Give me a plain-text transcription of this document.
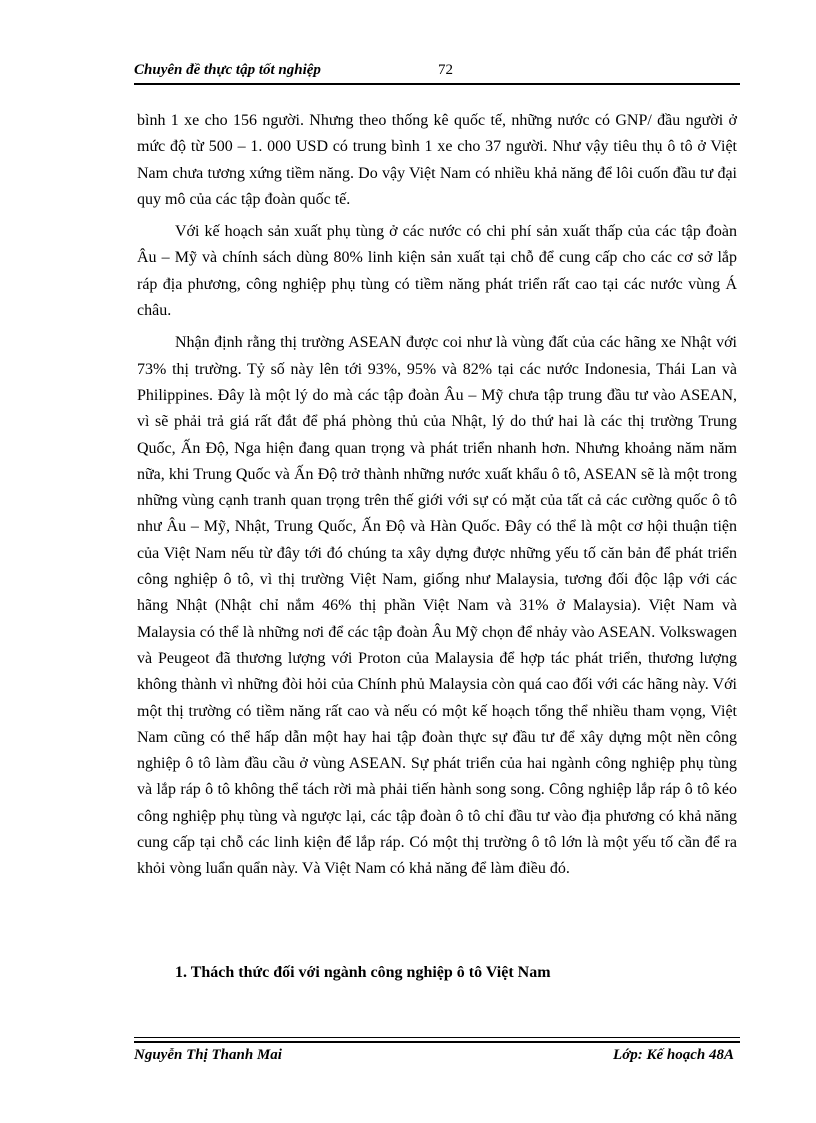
Chuyên đề thực tập tốt nghiệp	72

bình 1 xe cho 156 người. Nhưng theo thống kê quốc tế, những nước có GNP/ đầu người ở mức độ từ 500 – 1. 000 USD có trung bình 1 xe cho 37 người. Như vậy tiêu thụ ô tô ở Việt Nam chưa tương xứng tiềm năng. Do vậy Việt Nam có nhiều khả năng để lôi cuốn đầu tư đại quy mô của các tập đoàn quốc tế.

Với kế hoạch sản xuất phụ tùng ở các nước có chi phí sản xuất thấp của các tập đoàn Âu – Mỹ và chính sách dùng 80% linh kiện sản xuất tại chỗ để cung cấp cho các cơ sở lắp ráp địa phương, công nghiệp phụ tùng có tiềm năng phát triển rất cao tại các nước vùng Á châu.

Nhận định rằng thị trường ASEAN được coi như là vùng đất của các hãng xe Nhật với 73% thị trường. Tỷ số này lên tới 93%, 95% và 82% tại các nước Indonesia, Thái Lan và Philippines. Đây là một lý do mà các tập đoàn Âu – Mỹ chưa tập trung đầu tư vào ASEAN, vì sẽ phải trả giá rất đắt để phá phòng thủ của Nhật, lý do thứ hai là các thị trường Trung Quốc, Ấn Độ, Nga hiện đang quan trọng và phát triển nhanh hơn. Nhưng khoảng năm năm nữa, khi Trung Quốc và Ấn Độ trở thành những nước xuất khẩu ô tô, ASEAN sẽ là một trong những vùng cạnh tranh quan trọng trên thế giới với sự có mặt của tất cả các cường quốc ô tô như Âu – Mỹ, Nhật, Trung Quốc, Ấn Độ và Hàn Quốc. Đây có thể là một cơ hội thuận tiện của Việt Nam nếu từ đây tới đó chúng ta xây dựng được những yếu tố căn bản để phát triển công nghiệp ô tô, vì thị trường Việt Nam, giống như Malaysia, tương đối độc lập với các hãng Nhật (Nhật chỉ nắm 46% thị phần Việt Nam và 31% ở Malaysia). Việt Nam và Malaysia có thể là những nơi để các tập đoàn Âu Mỹ chọn để nhảy vào ASEAN. Volkswagen và Peugeot đã thương lượng với Proton của Malaysia để hợp tác phát triển, thương lượng không thành vì những đòi hỏi của Chính phủ Malaysia còn quá cao đối với các hãng này. Với một thị trường có tiềm năng rất cao và nếu có một kế hoạch tổng thể nhiều tham vọng, Việt Nam cũng có thể hấp dẫn một hay hai tập đoàn thực sự đầu tư để xây dựng một nền công nghiệp ô tô làm đầu cầu ở vùng ASEAN. Sự phát triển của hai ngành công nghiệp phụ tùng và lắp ráp ô tô không thể tách rời mà phải tiến hành song song. Công nghiệp lắp ráp ô tô kéo công nghiệp phụ tùng và ngược lại, các tập đoàn ô tô chỉ đầu tư vào địa phương có khả năng cung cấp tại chỗ các linh kiện để lắp ráp. Có một thị trường ô tô lớn là một yếu tố cần để ra khỏi vòng luẩn quẩn này. Và Việt Nam có khả năng để làm điều đó.

1. Thách thức đối với ngành công nghiệp ô tô Việt Nam
Nguyễn Thị Thanh Mai	Lớp: Kế hoạch 48A
